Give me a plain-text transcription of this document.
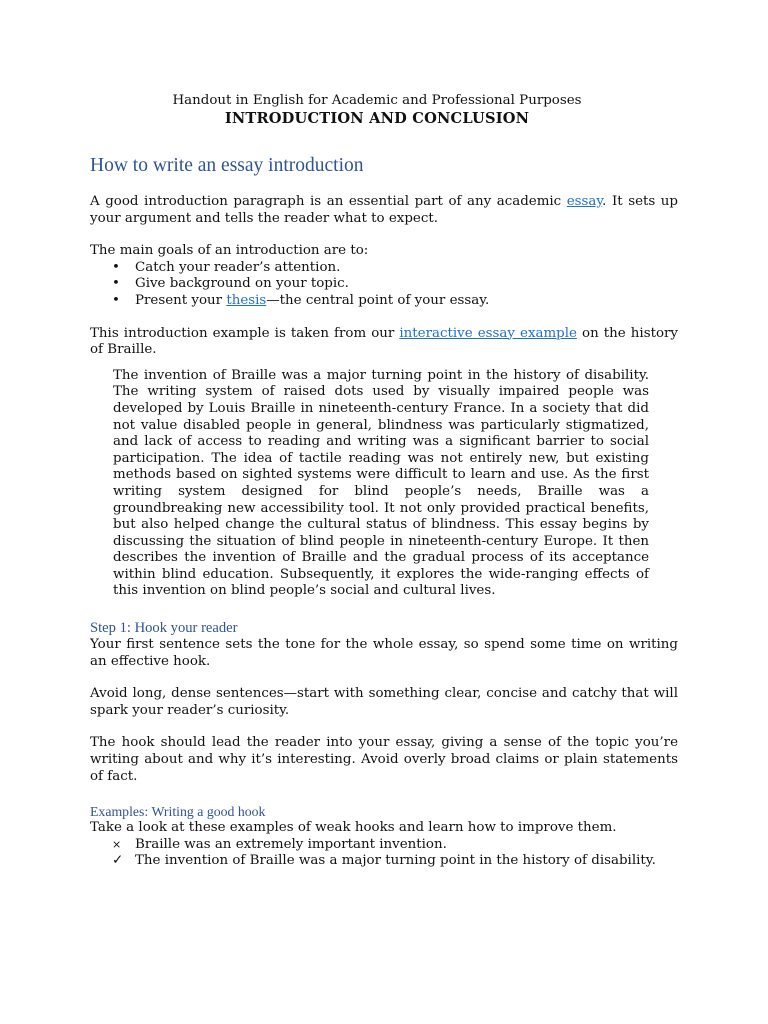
Handout in English for Academic and Professional Purposes
INTRODUCTION AND CONCLUSION
How to write an essay introduction

A good introduction paragraph is an essential part of any academic essay. It sets up your argument and tells the reader what to expect.

The main goals of an introduction are to:

• Catch your reader’s attention.
• Give background on your topic.
• Present your thesis—the central point of your essay.

This introduction example is taken from our interactive essay example on the history of Braille.

The invention of Braille was a major turning point in the history of disability. The writing system of raised dots used by visually impaired people was developed by Louis Braille in nineteenth-century France. In a society that did not value disabled people in general, blindness was particularly stigmatized, and lack of access to reading and writing was a significant barrier to social participation. The idea of tactile reading was not entirely new, but existing methods based on sighted systems were difficult to learn and use. As the first writing system designed for blind people’s needs, Braille was a groundbreaking new accessibility tool. It not only provided practical benefits, but also helped change the cultural status of blindness. This essay begins by discussing the situation of blind people in nineteenth-century Europe. It then describes the invention of Braille and the gradual process of its acceptance within blind education. Subsequently, it explores the wide-ranging effects of this invention on blind people’s social and cultural lives.
Step 1: Hook your reader

Your first sentence sets the tone for the whole essay, so spend some time on writing an effective hook.

Avoid long, dense sentences—start with something clear, concise and catchy that will spark your reader’s curiosity.

The hook should lead the reader into your essay, giving a sense of the topic you’re writing about and why it’s interesting. Avoid overly broad claims or plain statements of fact.

Examples: Writing a good hook

Take a look at these examples of weak hooks and learn how to improve them.

× Braille was an extremely important invention.
✓ The invention of Braille was a major turning point in the history of disability.
